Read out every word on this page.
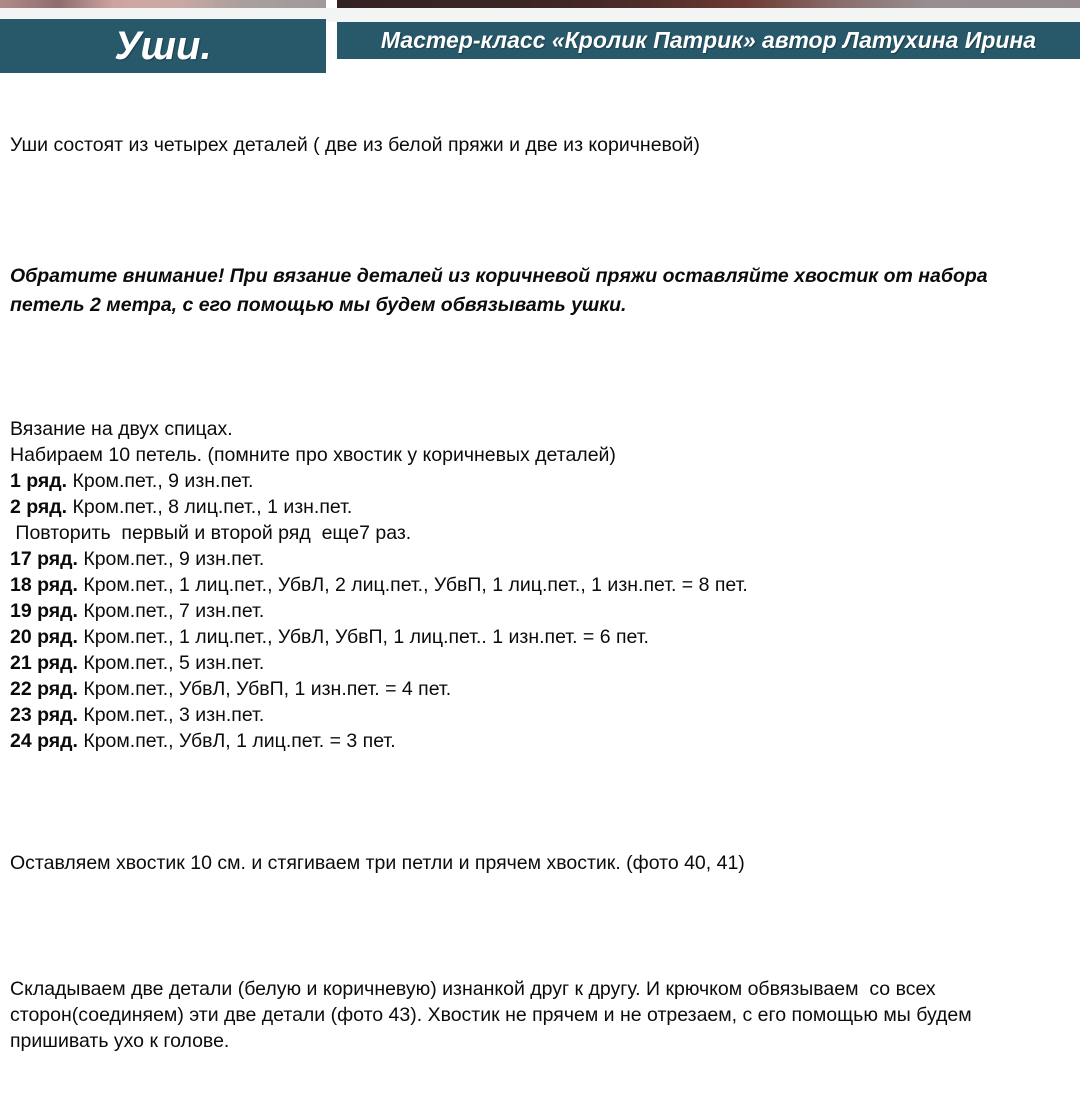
Уши.	Мастер-класс «Кролик Патрик» автор Латухина Ирина

Уши состоят из четырех деталей ( две из белой пряжи и две из коричневой)

Обратите внимание! При вязание деталей из коричневой пряжи оставляйте хвостик от набора
петель 2 метра, с его помощью мы будем обвязывать ушки.

Вязание на двух спицах.
Набираем 10 петель. (помните про хвостик у коричневых деталей)
1 ряд. Кром.пет., 9 изн.пет.
2 ряд. Кром.пет., 8 лиц.пет., 1 изн.пет.
Повторить  первый и второй ряд  еще7 раз.
17 ряд. Кром.пет., 9 изн.пет.
18 ряд. Кром.пет., 1 лиц.пет., УбвЛ, 2 лиц.пет., УбвП, 1 лиц.пет., 1 изн.пет. = 8 пет.
19 ряд. Кром.пет., 7 изн.пет.
20 ряд. Кром.пет., 1 лиц.пет., УбвЛ, УбвП, 1 лиц.пет.. 1 изн.пет. = 6 пет.
21 ряд. Кром.пет., 5 изн.пет.
22 ряд. Кром.пет., УбвЛ, УбвП, 1 изн.пет. = 4 пет.
23 ряд. Кром.пет., 3 изн.пет.
24 ряд. Кром.пет., УбвЛ, 1 лиц.пет. = 3 пет.

Оставляем хвостик 10 см. и стягиваем три петли и прячем хвостик. (фото 40, 41)

Складываем две детали (белую и коричневую) изнанкой друг к другу. И крючком обвязываем  со всех
сторон(соединяем) эти две детали (фото 43). Хвостик не прячем и не отрезаем, с его помощью мы будем
пришивать ухо к голове.
